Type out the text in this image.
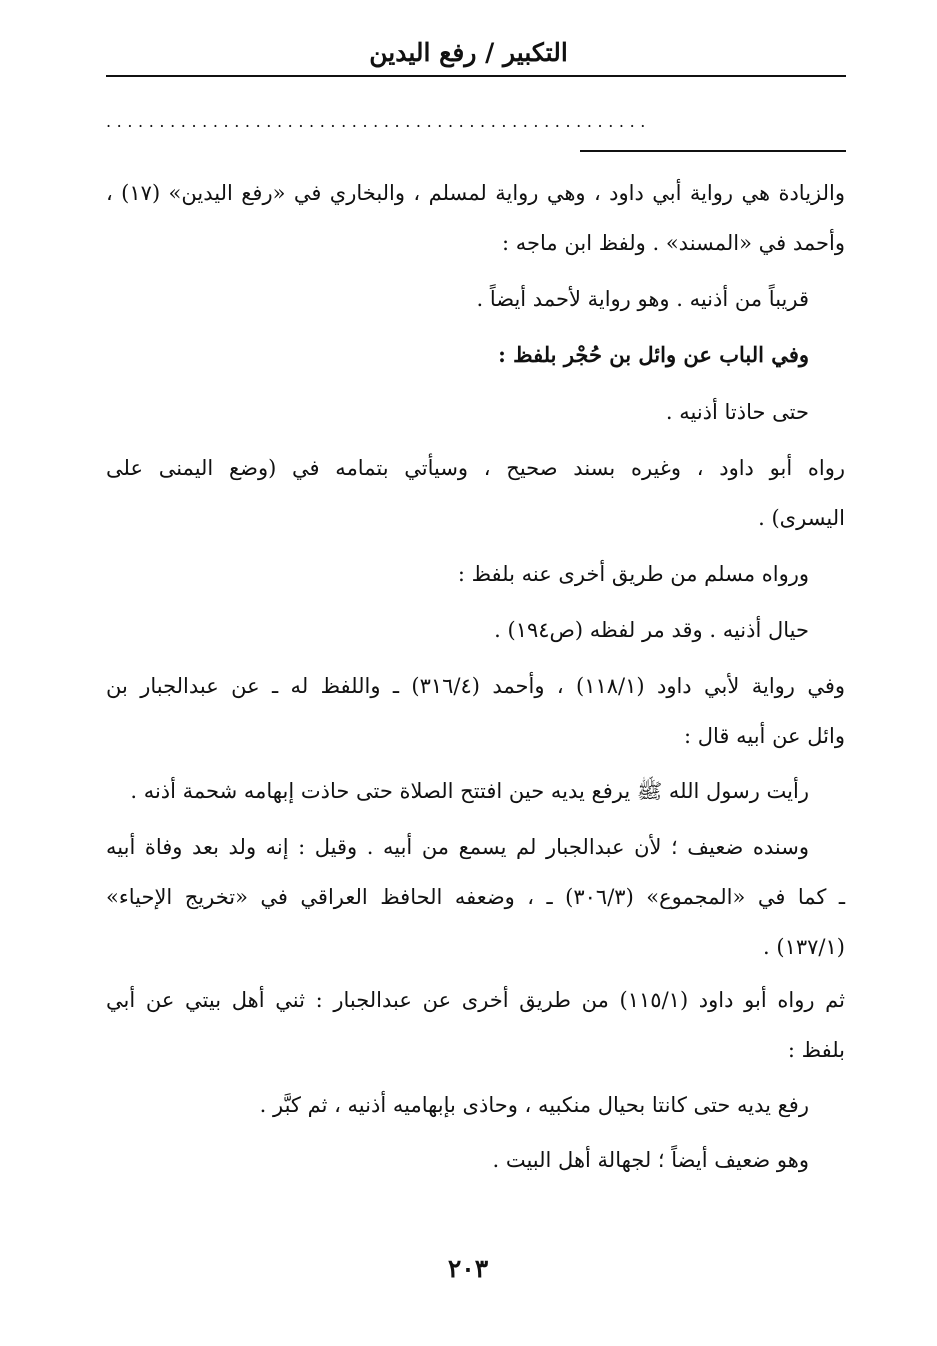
التكبير / رفع اليدين
...................................................
والزيادة هي رواية أبي داود ، وهي رواية لمسلم ، والبخاري في «رفع اليدين» (١٧) ،
وأحمد في «المسند» . ولفظ ابن ماجه :
قريباً من أذنيه . وهو رواية لأحمد أيضاً .
وفي الباب عن وائل بن حُجْر بلفظ :
حتى حاذتا أذنيه .
رواه أبو داود ، وغيره بسند صحيح ، وسيأتي بتمامه في (وضع اليمنى على
اليسرى) .
ورواه مسلم من طريق أخرى عنه بلفظ :
حيال أذنيه . وقد مر لفظه (ص١٩٤) .
وفي رواية لأبي داود (١١٨/١) ، وأحمد (٣١٦/٤) ـ واللفظ له ـ عن عبدالجبار بن
وائل عن أبيه قال :
رأيت رسول الله ﷺ يرفع يديه حين افتتح الصلاة حتى حاذت إبهامه شحمة أذنه .
وسنده ضعيف ؛ لأن عبدالجبار لم يسمع من أبيه . وقيل : إنه ولد بعد وفاة أبيه
ـ كما في «المجموع» (٣٠٦/٣) ـ ، وضعفه الحافظ العراقي في «تخريج الإحياء»
(١٣٧/١) .
ثم رواه أبو داود (١١٥/١) من طريق أخرى عن عبدالجبار : ثني أهل بيتي عن أبي
بلفظ :
رفع يديه حتى كانتا بحيال منكبيه ، وحاذى بإبهاميه أذنيه ، ثم كبَّر .
وهو ضعيف أيضاً ؛ لجهالة أهل البيت .
٢٠٣
